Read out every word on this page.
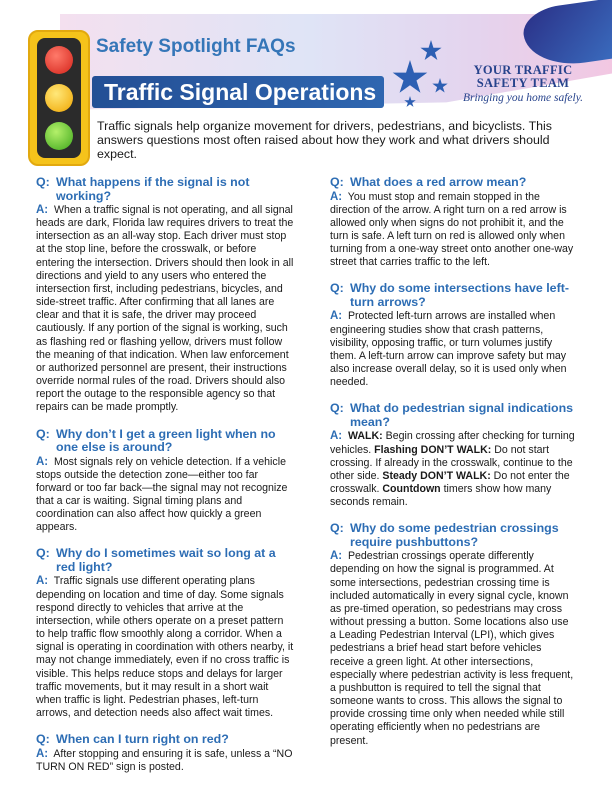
Safety Spotlight FAQs
Traffic Signal Operations
YOUR TRAFFIC
SAFETY TEAM
Bringing you home safely.
Traffic signals help organize movement for drivers, pedestrians, and bicyclists. This answers questions most often raised about how they work and what drivers should expect.
Q: What happens if the signal is not working?
A: When a traffic signal is not operating, and all signal heads are dark, Florida law requires drivers to treat the intersection as an all-way stop. Each driver must stop at the stop line, before the crosswalk, or before entering the intersection. Drivers should then look in all directions and yield to any users who entered the intersection first, including pedestrians, bicycles, and side-street traffic. After confirming that all lanes are clear and that it is safe, the driver may proceed cautiously. If any portion of the signal is working, such as flashing red or flashing yellow, drivers must follow the meaning of that indication. When law enforcement or authorized personnel are present, their instructions override normal rules of the road. Drivers should also report the outage to the responsible agency so that repairs can be made promptly.
Q: Why don’t I get a green light when no one else is around?
A: Most signals rely on vehicle detection. If a vehicle stops outside the detection zone—either too far forward or too far back—the signal may not recognize that a car is waiting. Signal timing plans and coordination can also affect how quickly a green appears.
Q: Why do I sometimes wait so long at a red light?
A: Traffic signals use different operating plans depending on location and time of day. Some signals respond directly to vehicles that arrive at the intersection, while others operate on a preset pattern to help traffic flow smoothly along a corridor. When a signal is operating in coordination with others nearby, it may not change immediately, even if no cross traffic is visible. This helps reduce stops and delays for larger traffic movements, but it may result in a short wait when traffic is light. Pedestrian phases, left-turn arrows, and detection needs also affect wait times.
Q: When can I turn right on red?
A: After stopping and ensuring it is safe, unless a “NO TURN ON RED” sign is posted.
Q: What does a red arrow mean?
A: You must stop and remain stopped in the direction of the arrow. A right turn on a red arrow is allowed only when signs do not prohibit it, and the turn is safe. A left turn on red is allowed only when turning from a one-way street onto another one-way street that carries traffic to the left.
Q: Why do some intersections have left-turn arrows?
A: Protected left-turn arrows are installed when engineering studies show that crash patterns, visibility, opposing traffic, or turn volumes justify them. A left-turn arrow can improve safety but may also increase overall delay, so it is used only when needed.
Q: What do pedestrian signal indications mean?
A: WALK: Begin crossing after checking for turning vehicles. Flashing DON’T WALK: Do not start crossing. If already in the crosswalk, continue to the other side. Steady DON’T WALK: Do not enter the crosswalk. Countdown timers show how many seconds remain.
Q: Why do some pedestrian crossings require pushbuttons?
A: Pedestrian crossings operate differently depending on how the signal is programmed. At some intersections, pedestrian crossing time is included automatically in every signal cycle, known as pre-timed operation, so pedestrians may cross without pressing a button. Some locations also use a Leading Pedestrian Interval (LPI), which gives pedestrians a brief head start before vehicles receive a green light. At other intersections, especially where pedestrian activity is less frequent, a pushbutton is required to tell the signal that someone wants to cross. This allows the signal to provide crossing time only when needed while still operating efficiently when no pedestrians are present.
